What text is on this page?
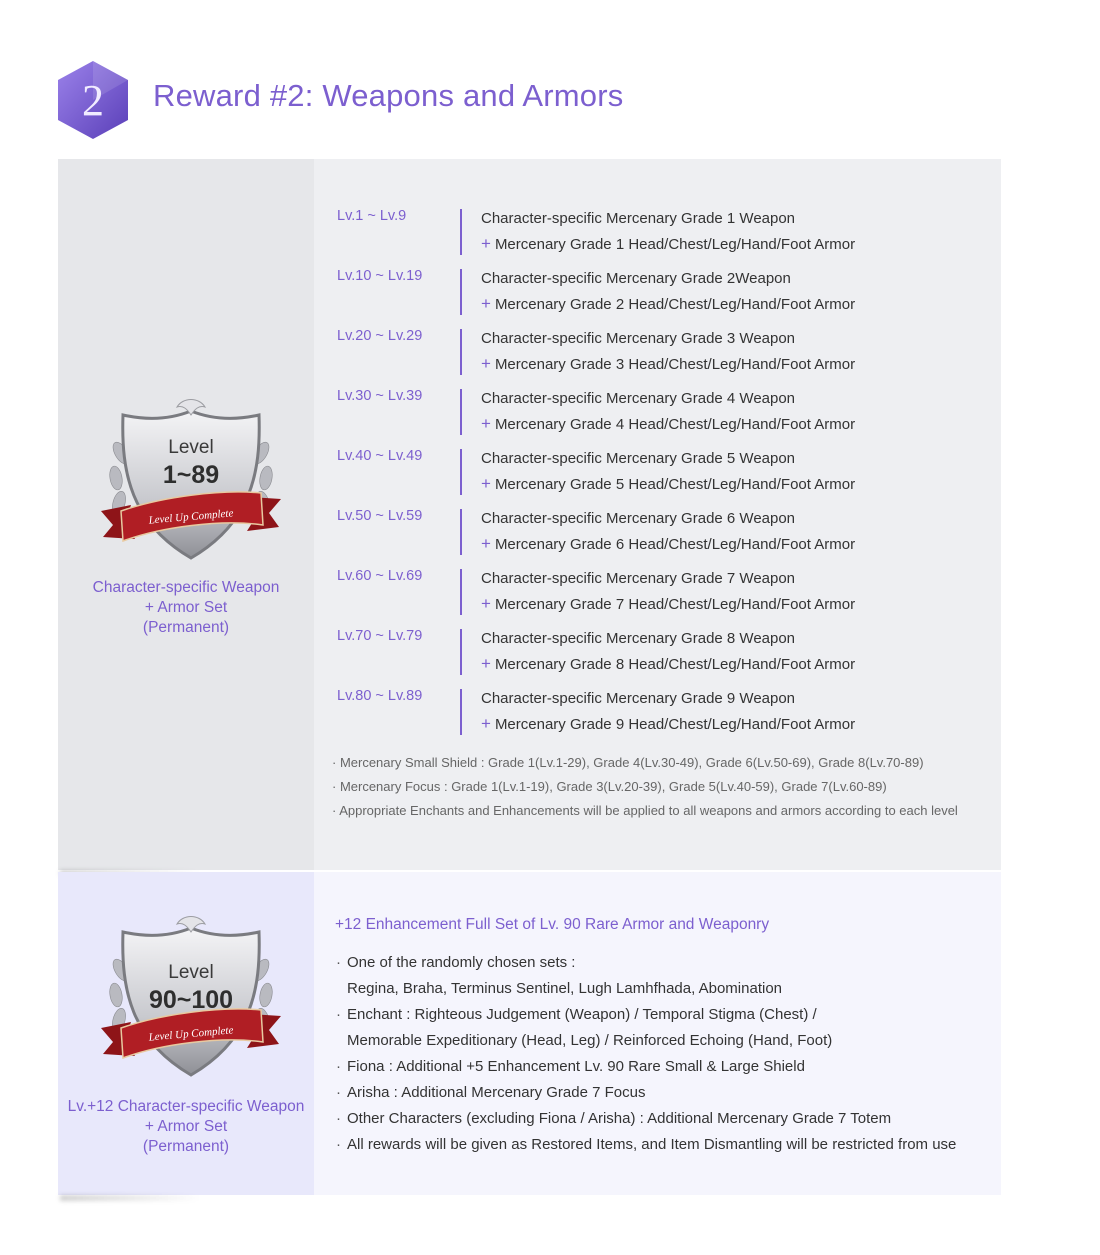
2	Reward #2: Weapons and Armors
Level
1~89
Level Up Complete
Character-specific Weapon
+ Armor Set
(Permanent)
Lv.1 ~ Lv.9	Character-specific Mercenary Grade 1 Weapon
+ Mercenary Grade 1 Head/Chest/Leg/Hand/Foot Armor
Lv.10 ~ Lv.19	Character-specific Mercenary Grade 2Weapon
+ Mercenary Grade 2 Head/Chest/Leg/Hand/Foot Armor
Lv.20 ~ Lv.29	Character-specific Mercenary Grade 3 Weapon
+ Mercenary Grade 3 Head/Chest/Leg/Hand/Foot Armor
Lv.30 ~ Lv.39	Character-specific Mercenary Grade 4 Weapon
+ Mercenary Grade 4 Head/Chest/Leg/Hand/Foot Armor
Lv.40 ~ Lv.49	Character-specific Mercenary Grade 5 Weapon
+ Mercenary Grade 5 Head/Chest/Leg/Hand/Foot Armor
Lv.50 ~ Lv.59	Character-specific Mercenary Grade 6 Weapon
+ Mercenary Grade 6 Head/Chest/Leg/Hand/Foot Armor
Lv.60 ~ Lv.69	Character-specific Mercenary Grade 7 Weapon
+ Mercenary Grade 7 Head/Chest/Leg/Hand/Foot Armor
Lv.70 ~ Lv.79	Character-specific Mercenary Grade 8 Weapon
+ Mercenary Grade 8 Head/Chest/Leg/Hand/Foot Armor
Lv.80 ~ Lv.89	Character-specific Mercenary Grade 9 Weapon
+ Mercenary Grade 9 Head/Chest/Leg/Hand/Foot Armor
· Mercenary Small Shield : Grade 1(Lv.1-29), Grade 4(Lv.30-49), Grade 6(Lv.50-69), Grade 8(Lv.70-89)
· Mercenary Focus : Grade 1(Lv.1-19), Grade 3(Lv.20-39), Grade 5(Lv.40-59), Grade 7(Lv.60-89)
· Appropriate Enchants and Enhancements will be applied to all weapons and armors according to each level
Level
90~100
Level Up Complete
Lv.+12 Character-specific Weapon
+ Armor Set
(Permanent)
+12 Enhancement Full Set of Lv. 90 Rare Armor and Weaponry
· One of the randomly chosen sets :
Regina, Braha, Terminus Sentinel, Lugh Lamhfhada, Abomination
· Enchant : Righteous Judgement (Weapon) / Temporal Stigma (Chest) /
Memorable Expeditionary (Head, Leg) / Reinforced Echoing (Hand, Foot)
· Fiona : Additional +5 Enhancement Lv. 90 Rare Small & Large Shield
· Arisha : Additional Mercenary Grade 7 Focus
· Other Characters (excluding Fiona / Arisha) : Additional Mercenary Grade 7 Totem
· All rewards will be given as Restored Items, and Item Dismantling will be restricted from use
